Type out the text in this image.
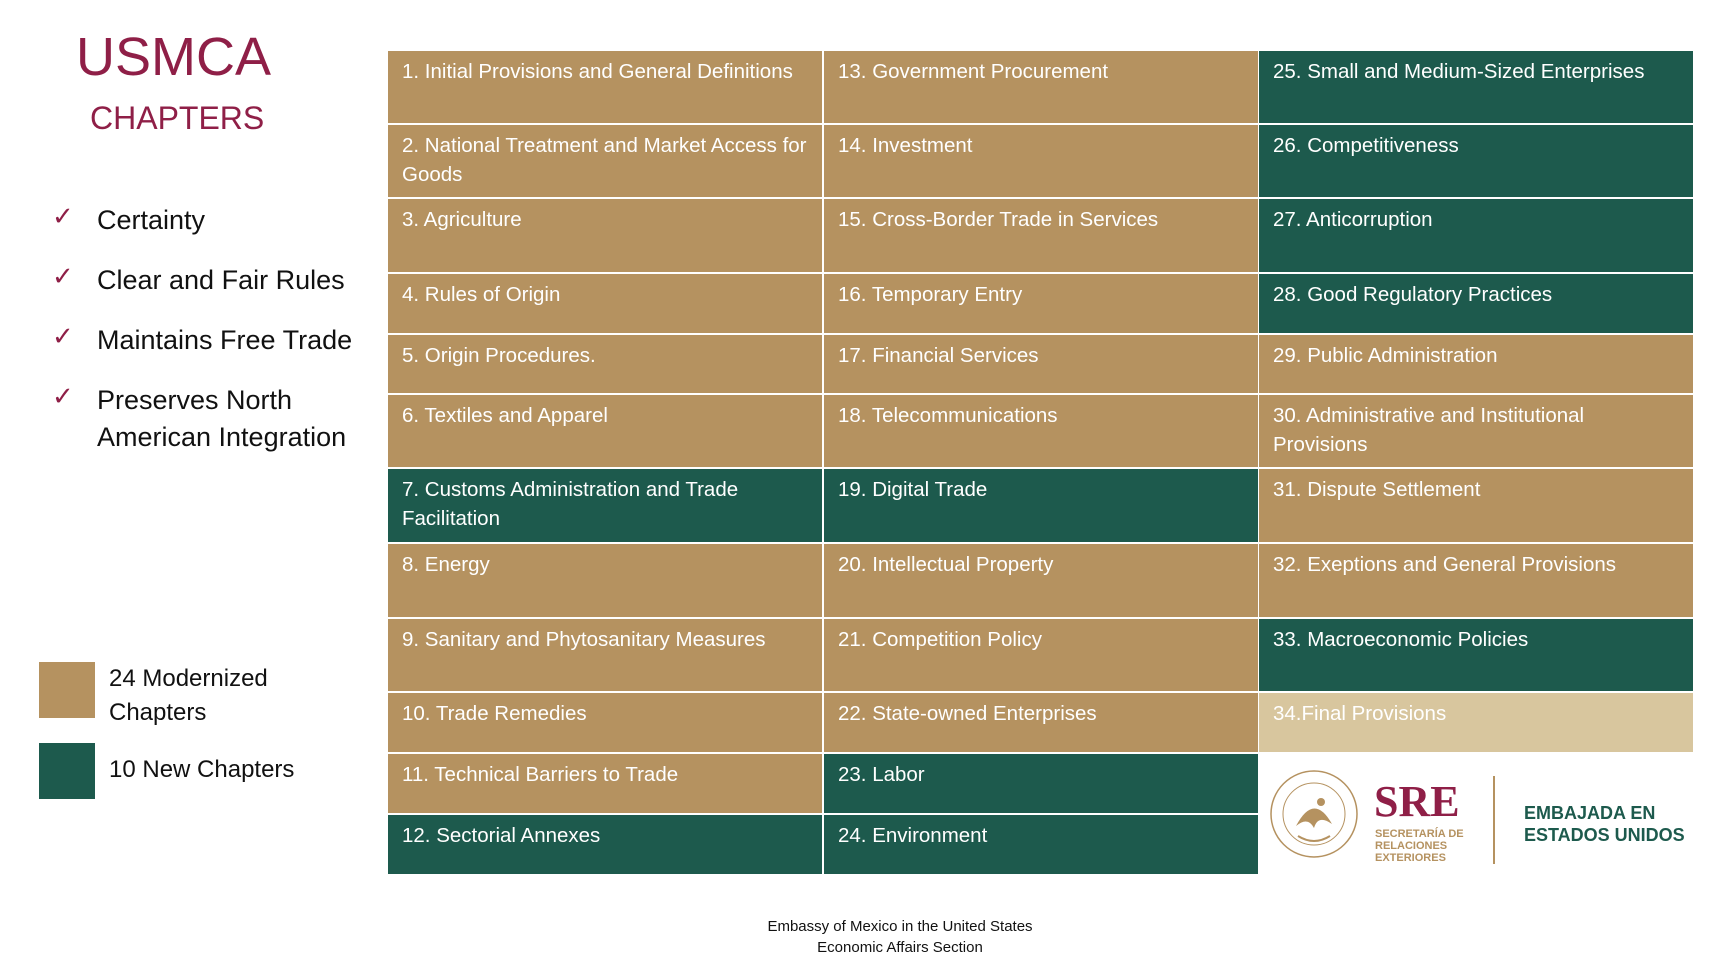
USMCA
CHAPTERS
✓ Certainty
✓ Clear and Fair Rules
✓ Maintains Free Trade
✓ Preserves North American Integration
24 Modernized Chapters
10 New Chapters
1. Initial Provisions and General Definitions
2. National Treatment and Market Access for Goods
3. Agriculture
4. Rules of Origin
5. Origin Procedures.
6. Textiles and Apparel
7. Customs Administration and Trade Facilitation
8. Energy
9. Sanitary and Phytosanitary Measures
10. Trade Remedies
11. Technical Barriers to Trade
12. Sectorial Annexes
13. Government Procurement
14. Investment
15. Cross-Border Trade in Services
16. Temporary Entry
17. Financial Services
18. Telecommunications
19. Digital Trade
20. Intellectual Property
21. Competition Policy
22. State-owned Enterprises
23. Labor
24. Environment
25. Small and Medium-Sized Enterprises
26. Competitiveness
27. Anticorruption
28. Good Regulatory Practices
29. Public Administration
30. Administrative and Institutional Provisions
31. Dispute Settlement
32. Exeptions and General Provisions
33. Macroeconomic Policies
34.Final Provisions
SRE
SECRETARÍA DE
RELACIONES
EXTERIORES
EMBAJADA EN
ESTADOS UNIDOS
Embassy of Mexico in the United States
Economic Affairs Section
